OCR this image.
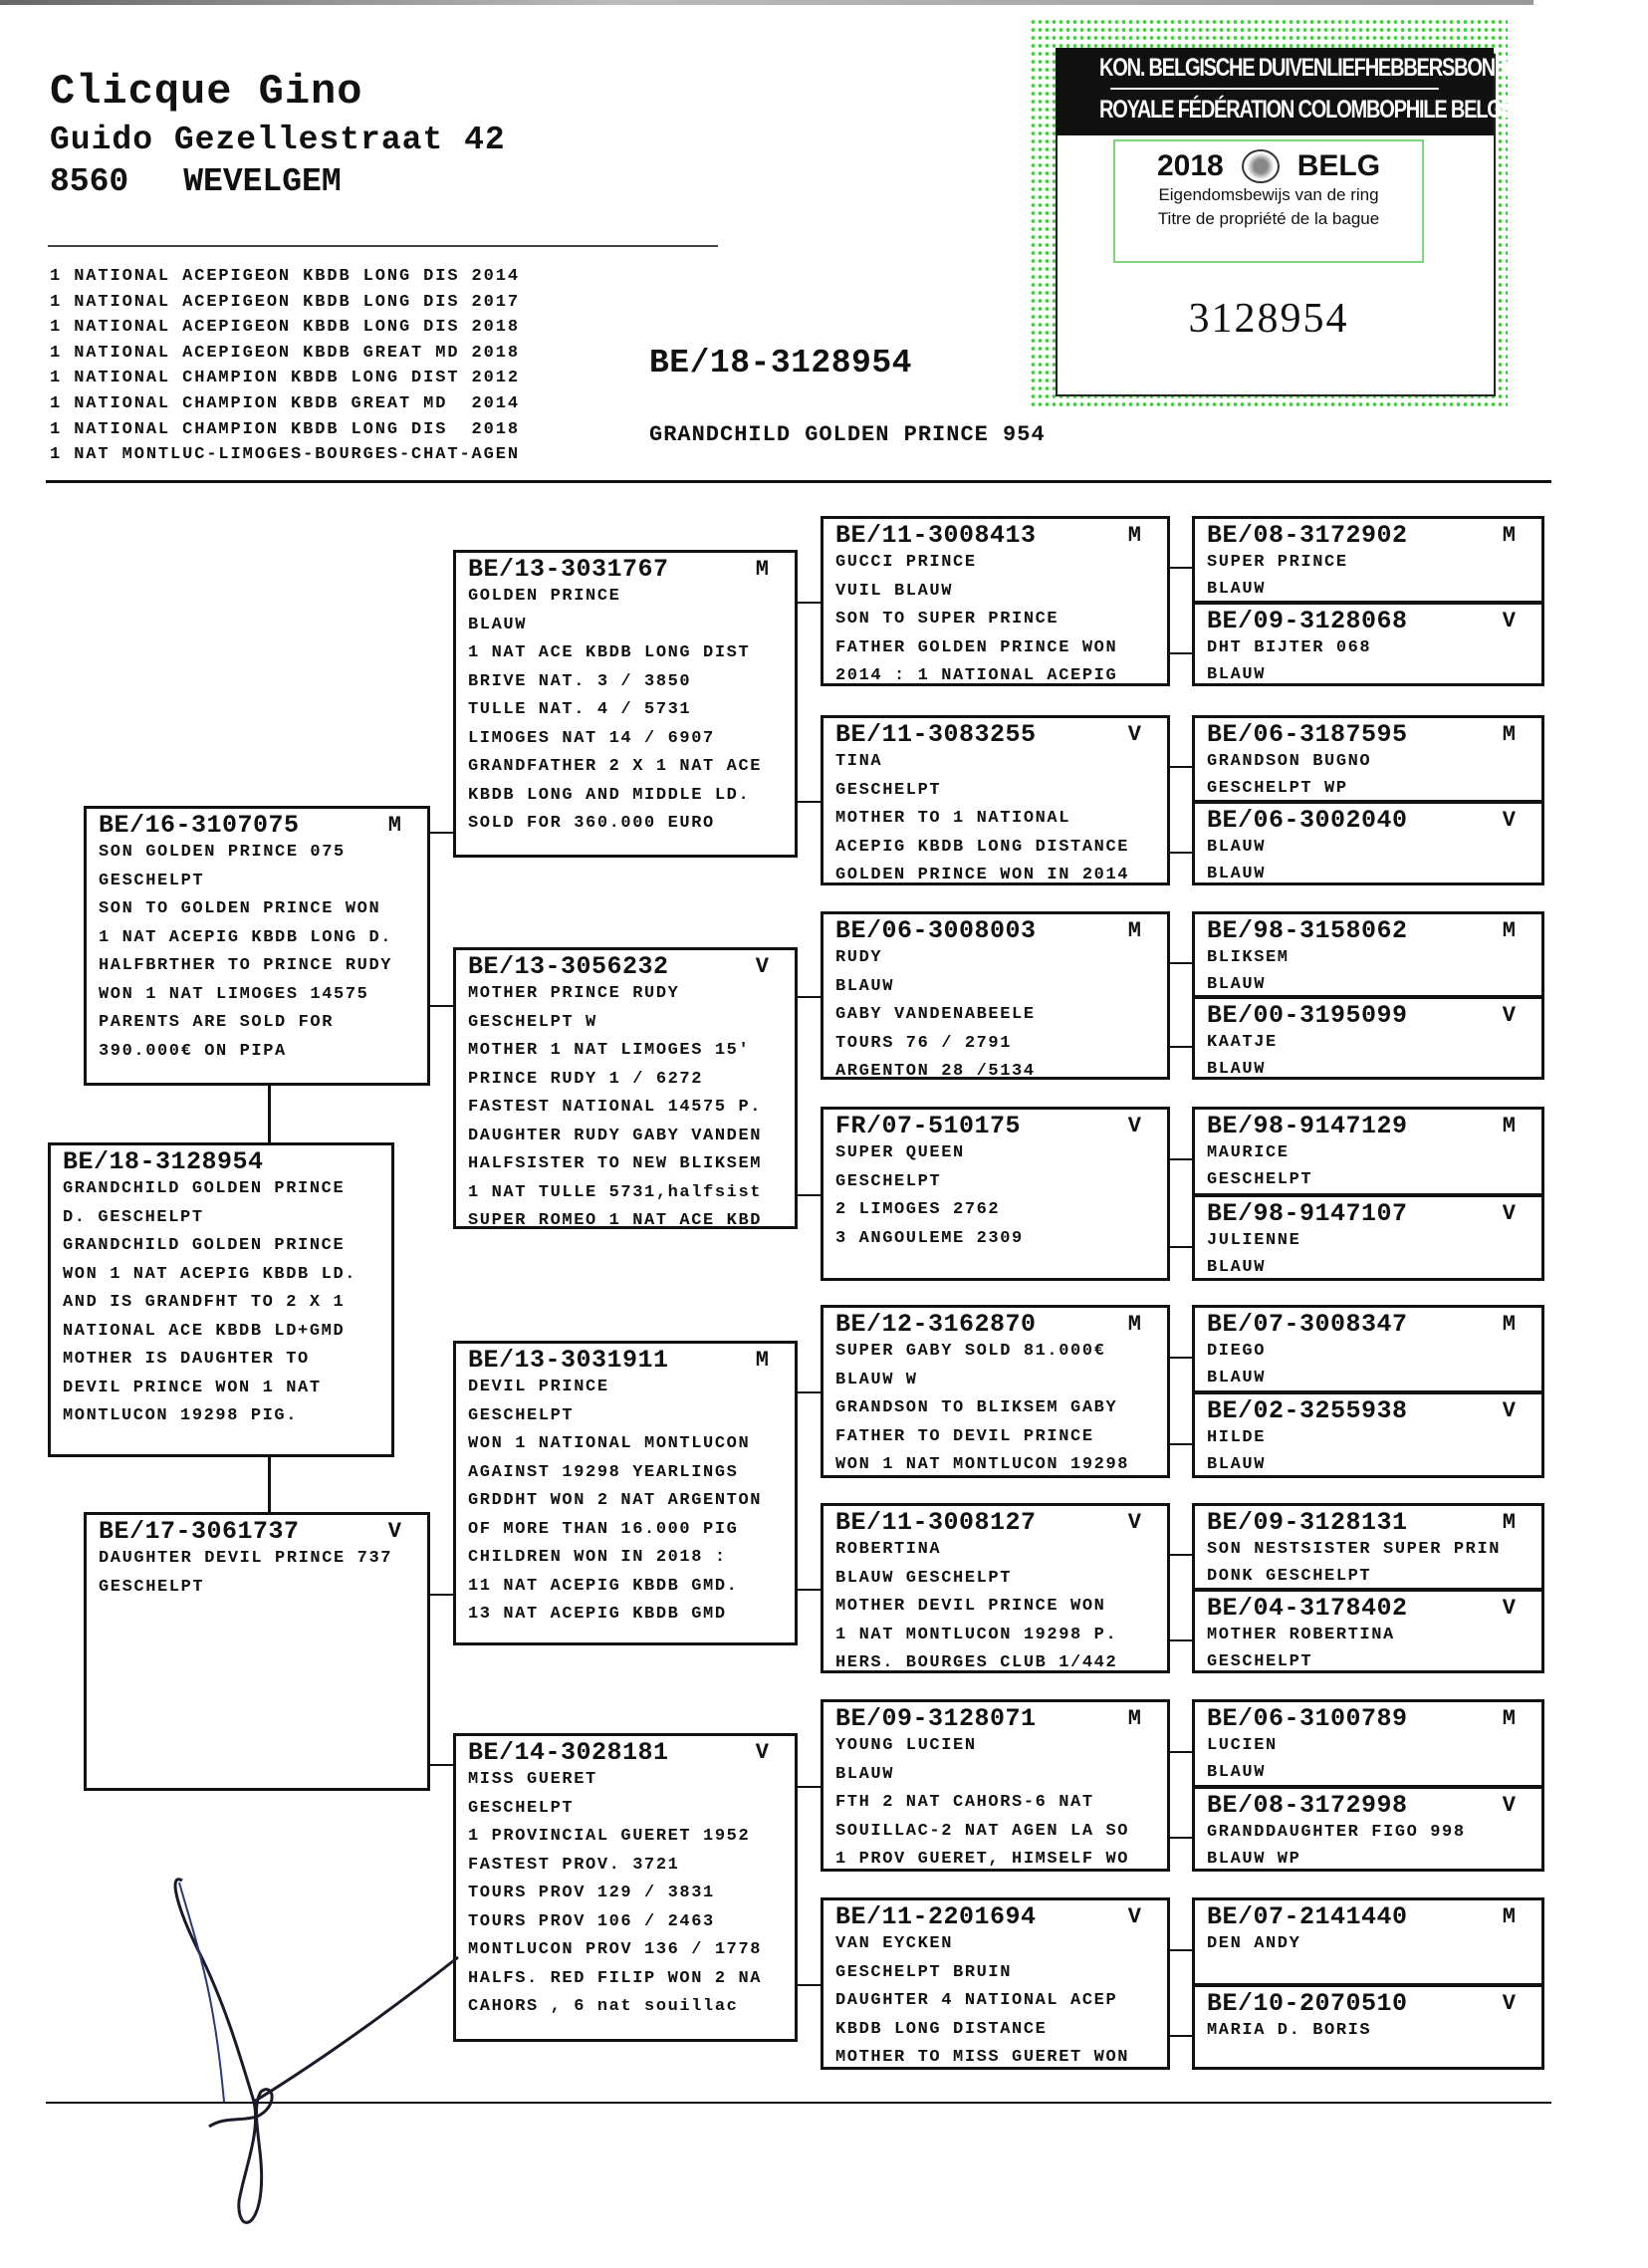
Clicque Gino
Guido Gezellestraat 42
8560 WEVELGEM
1 NATIONAL ACEPIGEON KBDB LONG DIS 2014
1 NATIONAL ACEPIGEON KBDB LONG DIS 2017
1 NATIONAL ACEPIGEON KBDB LONG DIS 2018
1 NATIONAL ACEPIGEON KBDB GREAT MD 2018
1 NATIONAL CHAMPION KBDB LONG DIST 2012
1 NATIONAL CHAMPION KBDB GREAT MD  2014
1 NATIONAL CHAMPION KBDB LONG DIS  2018
1 NAT MONTLUC-LIMOGES-BOURGES-CHAT-AGEN
BE/18-3128954
GRANDCHILD GOLDEN PRINCE 954
KON. BELGISCHE DUIVENLIEFHEBBERSBOND
ROYALE FÉDÉRATION COLOMBOPHILE BELGE
2018 BELG
Eigendomsbewijs van de ring
Titre de propriété de la bague
3128954
BE/18-3128954
GRANDCHILD GOLDEN PRINCE
D. GESCHELPT
GRANDCHILD GOLDEN PRINCE
WON 1 NAT ACEPIG KBDB LD.
AND IS GRANDFHT TO 2 X 1
NATIONAL ACE KBDB LD+GMD
MOTHER IS DAUGHTER TO
DEVIL PRINCE WON 1 NAT
MONTLUCON 19298 PIG.
BE/16-3107075	M
SON GOLDEN PRINCE 075
GESCHELPT
SON TO GOLDEN PRINCE WON
1 NAT ACEPIG KBDB LONG D.
HALFBRTHER TO PRINCE RUDY
WON 1 NAT LIMOGES 14575
PARENTS ARE SOLD FOR
390.000€ ON PIPA
BE/17-3061737	V
DAUGHTER DEVIL PRINCE 737
GESCHELPT
BE/13-3031767	M
GOLDEN PRINCE
BLAUW
1 NAT ACE KBDB LONG DIST
BRIVE NAT. 3 / 3850
TULLE NAT. 4 / 5731
LIMOGES NAT 14 / 6907
GRANDFATHER 2 X 1 NAT ACE
KBDB LONG AND MIDDLE LD.
SOLD FOR 360.000 EURO
BE/13-3056232	V
MOTHER PRINCE RUDY
GESCHELPT W
MOTHER 1 NAT LIMOGES 15'
PRINCE RUDY 1 / 6272
FASTEST NATIONAL 14575 P.
DAUGHTER RUDY GABY VANDEN
HALFSISTER TO NEW BLIKSEM
1 NAT TULLE 5731,halfsist
SUPER ROMEO 1 NAT ACE KBD
BE/13-3031911	M
DEVIL PRINCE
GESCHELPT
WON 1 NATIONAL MONTLUCON
AGAINST 19298 YEARLINGS
GRDDHT WON 2 NAT ARGENTON
OF MORE THAN 16.000 PIG
CHILDREN WON IN 2018 :
11 NAT ACEPIG KBDB GMD.
13 NAT ACEPIG KBDB GMD
BE/14-3028181	V
MISS GUERET
GESCHELPT
1 PROVINCIAL GUERET 1952
FASTEST PROV. 3721
TOURS PROV 129 / 3831
TOURS PROV 106 / 2463
MONTLUCON PROV 136 / 1778
HALFS. RED FILIP WON 2 NA
CAHORS , 6 nat souillac
BE/11-3008413	M
GUCCI PRINCE
VUIL BLAUW
SON TO SUPER PRINCE
FATHER GOLDEN PRINCE WON
2014 : 1 NATIONAL ACEPIG
BE/08-3172902	M
SUPER PRINCE
BLAUW
BE/09-3128068	V
DHT BIJTER 068
BLAUW
BE/11-3083255	V
TINA
GESCHELPT
MOTHER TO 1 NATIONAL
ACEPIG KBDB LONG DISTANCE
GOLDEN PRINCE WON IN 2014
BE/06-3187595	M
GRANDSON BUGNO
GESCHELPT WP
BE/06-3002040	V
BLAUW
BLAUW
BE/06-3008003	M
RUDY
BLAUW
GABY VANDENABEELE
TOURS 76 / 2791
ARGENTON 28 /5134
BE/98-3158062	M
BLIKSEM
BLAUW
BE/00-3195099	V
KAATJE
BLAUW
FR/07-510175	V
SUPER QUEEN
GESCHELPT
2 LIMOGES 2762
3 ANGOULEME 2309
BE/98-9147129	M
MAURICE
GESCHELPT
BE/98-9147107	V
JULIENNE
BLAUW
BE/12-3162870	M
SUPER GABY SOLD 81.000€
BLAUW W
GRANDSON TO BLIKSEM GABY
FATHER TO DEVIL PRINCE
WON 1 NAT MONTLUCON 19298
BE/07-3008347	M
DIEGO
BLAUW
BE/02-3255938	V
HILDE
BLAUW
BE/11-3008127	V
ROBERTINA
BLAUW GESCHELPT
MOTHER DEVIL PRINCE WON
1 NAT MONTLUCON 19298 P.
HERS. BOURGES CLUB 1/442
BE/09-3128131	M
SON NESTSISTER SUPER PRIN
DONK GESCHELPT
BE/04-3178402	V
MOTHER ROBERTINA
GESCHELPT
BE/09-3128071	M
YOUNG LUCIEN
BLAUW
FTH 2 NAT CAHORS-6 NAT
SOUILLAC-2 NAT AGEN LA SO
1 PROV GUERET, HIMSELF WO
BE/06-3100789	M
LUCIEN
BLAUW
BE/08-3172998	V
GRANDDAUGHTER FIGO 998
BLAUW WP
BE/11-2201694	V
VAN EYCKEN
GESCHELPT BRUIN
DAUGHTER 4 NATIONAL ACEP
KBDB LONG DISTANCE
MOTHER TO MISS GUERET WON
BE/07-2141440	M
DEN ANDY
BE/10-2070510	V
MARIA D. BORIS
